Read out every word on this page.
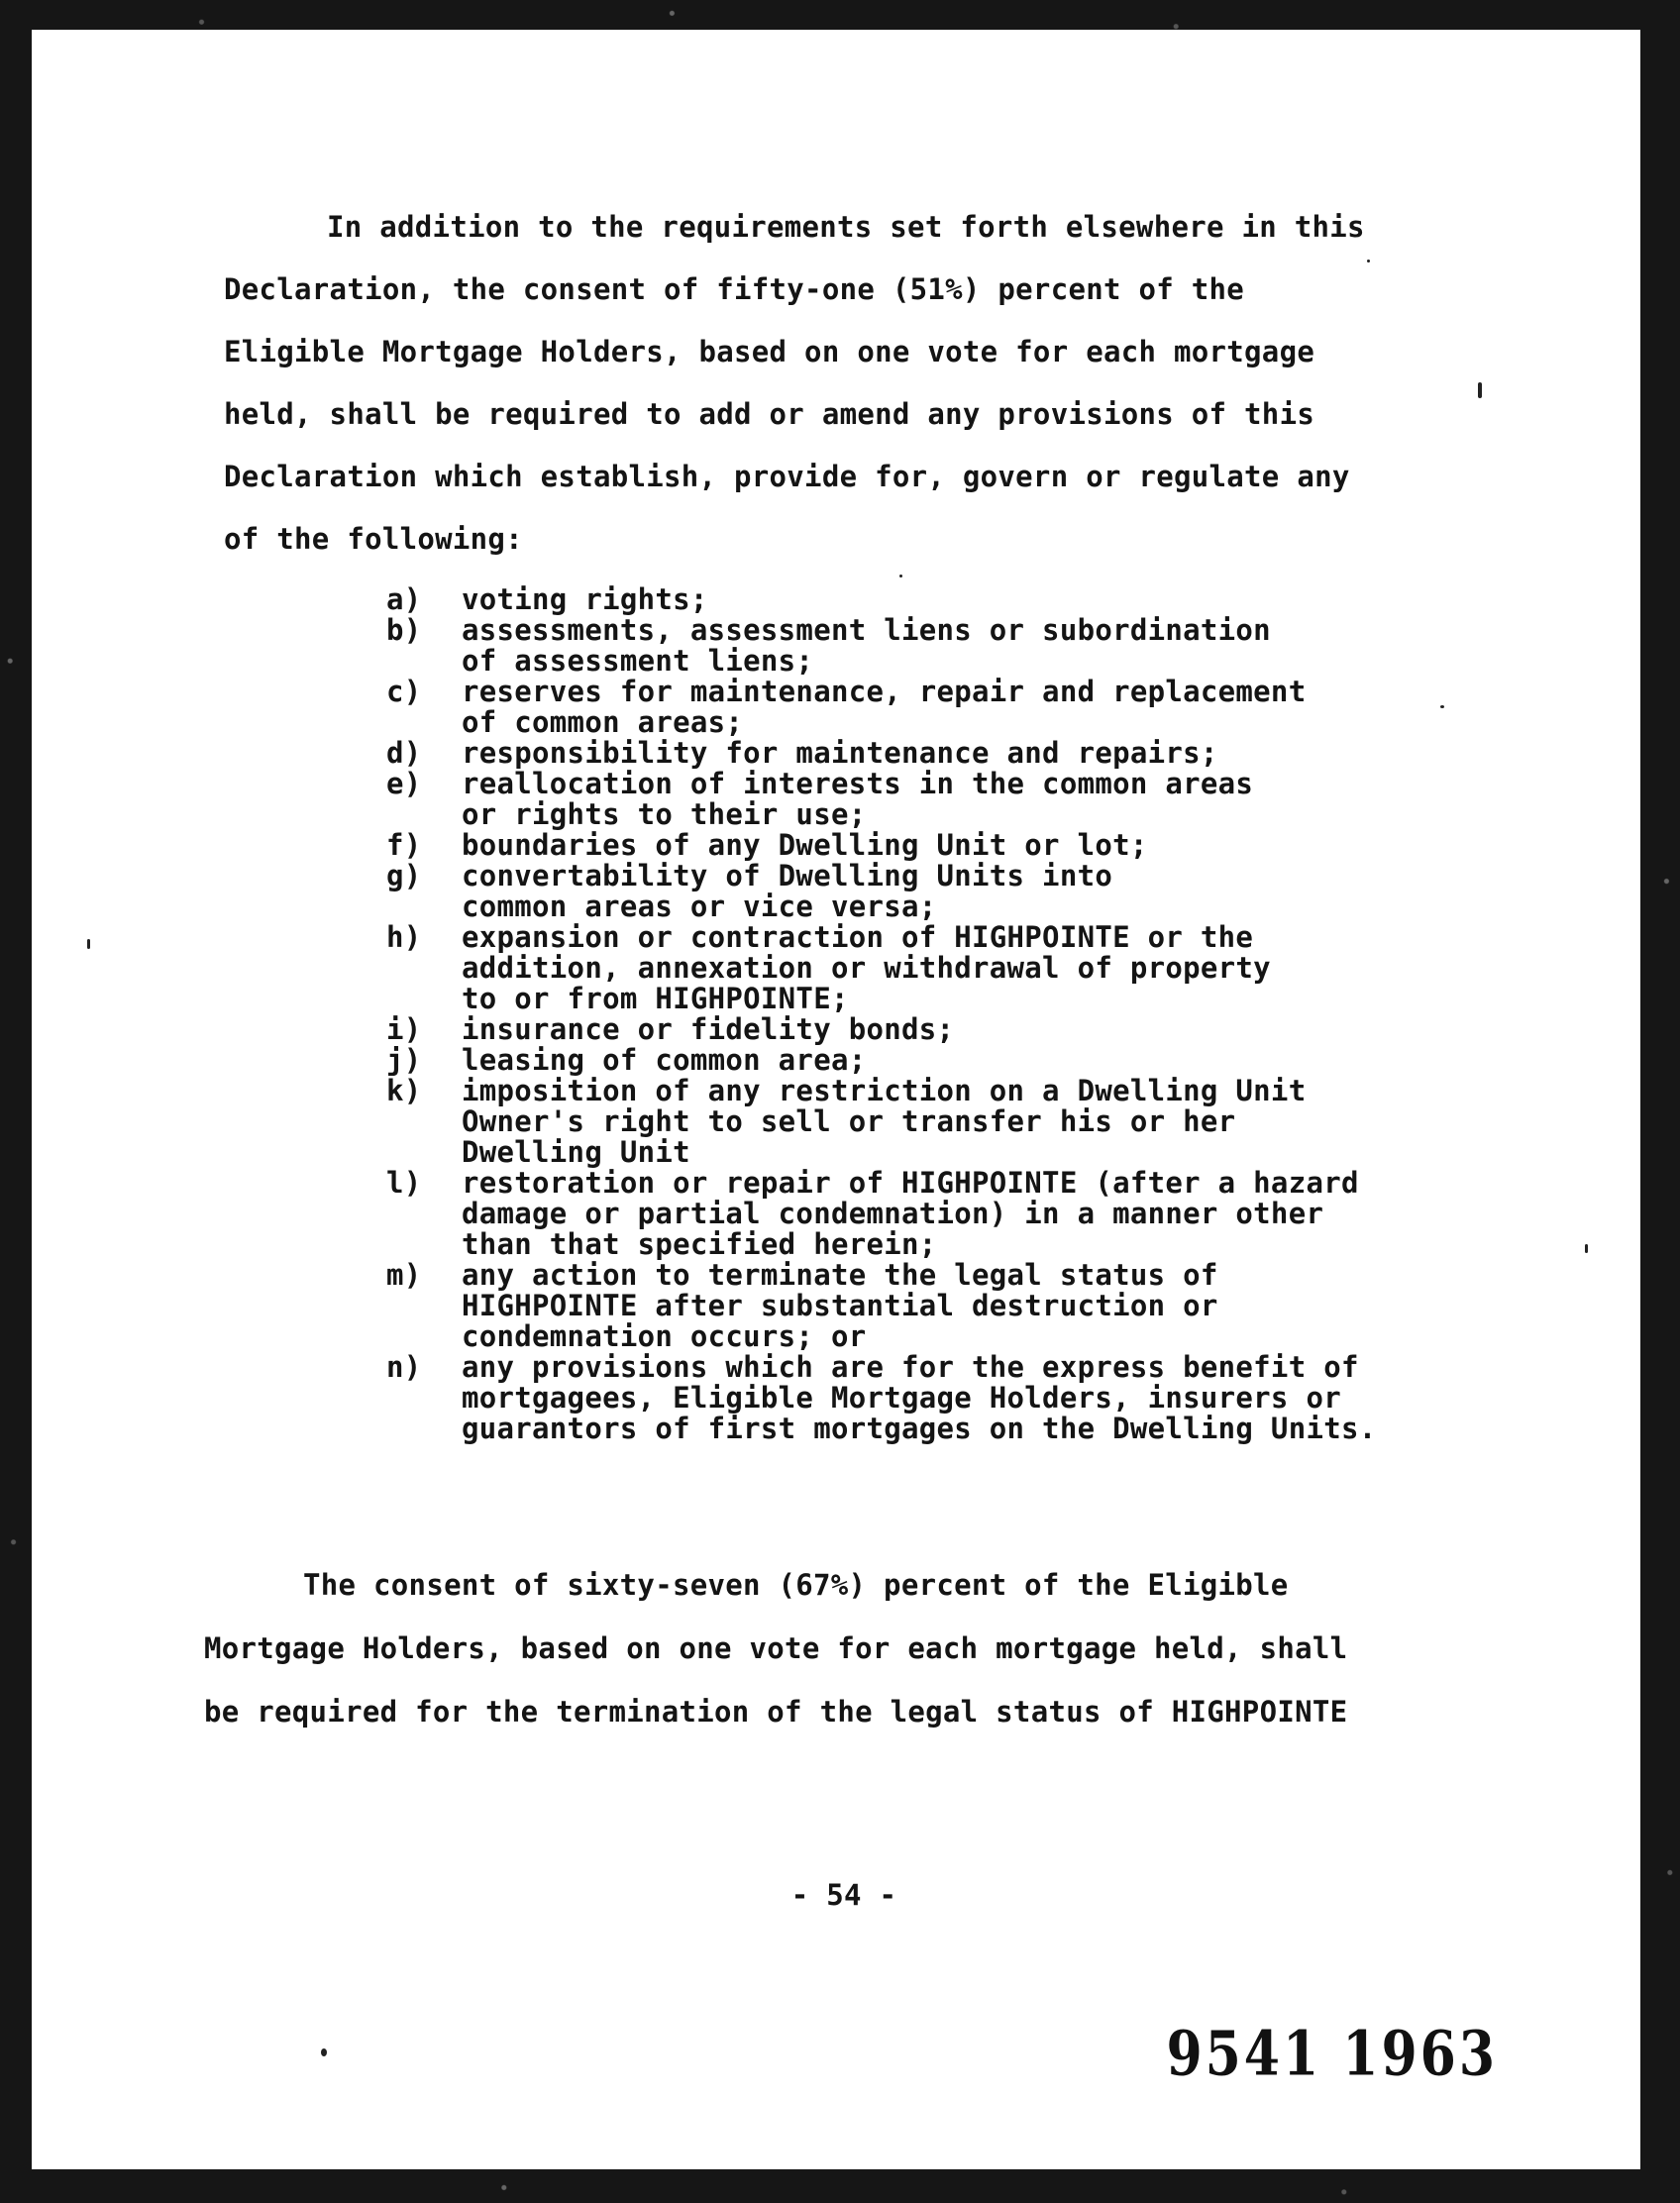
In addition to the requirements set forth elsewhere in this
Declaration, the consent of fifty-one (51%) percent of the
Eligible Mortgage Holders, based on one vote for each mortgage
held, shall be required to add or amend any provisions of this
Declaration which establish, provide for, govern or regulate any
of the following:
a)	voting rights;
b)	assessments, assessment liens or subordination
of assessment liens;
c)	reserves for maintenance, repair and replacement
of common areas;
d)	responsibility for maintenance and repairs;
e)	reallocation of interests in the common areas
or rights to their use;
f)	boundaries of any Dwelling Unit or lot;
g)	convertability of Dwelling Units into
common areas or vice versa;
h)	expansion or contraction of HIGHPOINTE or the
addition, annexation or withdrawal of property
to or from HIGHPOINTE;
i)	insurance or fidelity bonds;
j)	leasing of common area;
k)	imposition of any restriction on a Dwelling Unit
Owner's right to sell or transfer his or her
Dwelling Unit
l)	restoration or repair of HIGHPOINTE (after a hazard
damage or partial condemnation) in a manner other
than that specified herein;
m)	any action to terminate the legal status of
HIGHPOINTE after substantial destruction or
condemnation occurs; or
n)	any provisions which are for the express benefit of
mortgagees, Eligible Mortgage Holders, insurers or
guarantors of first mortgages on the Dwelling Units.
The consent of sixty-seven (67%) percent of the Eligible
Mortgage Holders, based on one vote for each mortgage held, shall
be required for the termination of the legal status of HIGHPOINTE
- 54 -
9541 1963
